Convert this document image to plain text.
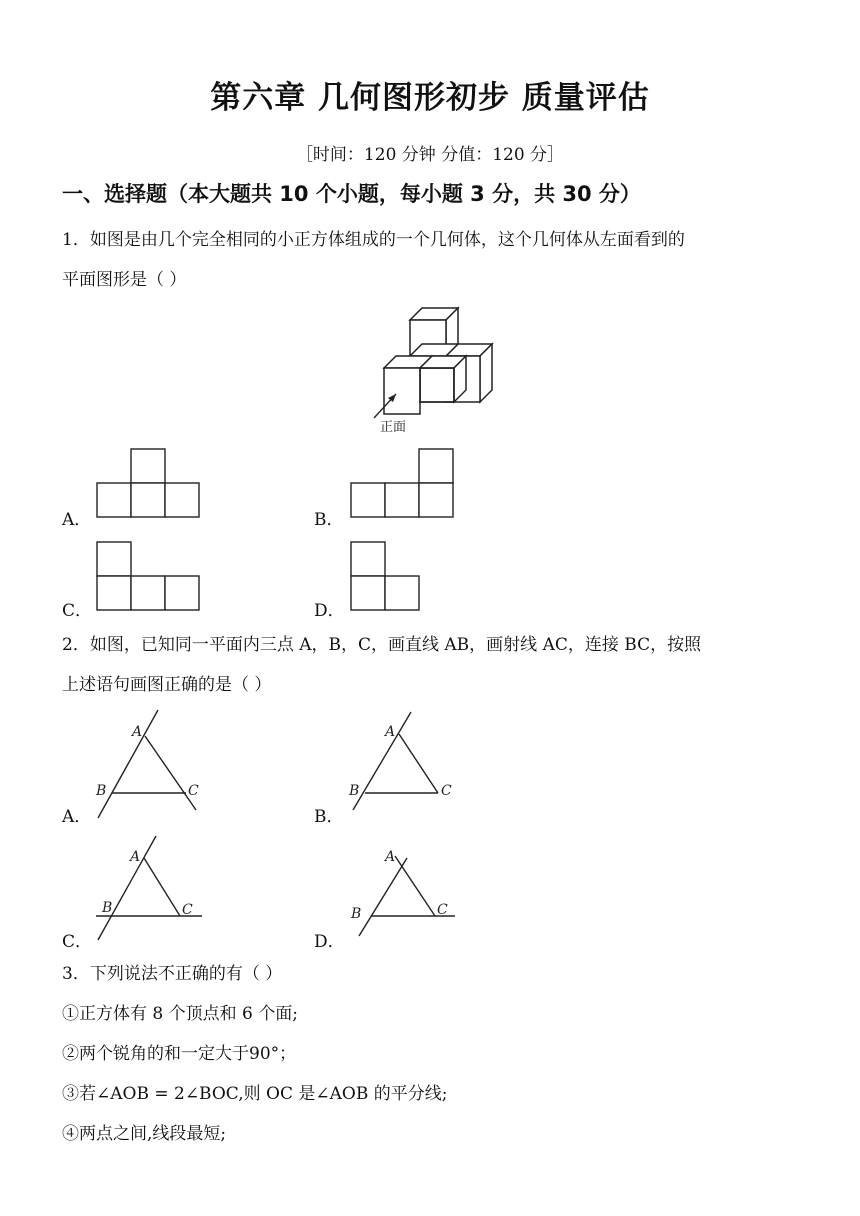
第六章 几何图形初步 质量评估
［时间：120 分钟 分值：120 分］
一、选择题（本大题共 10 个小题，每小题 3 分，共 30 分）
1．如图是由几个完全相同的小正方体组成的一个几何体，这个几何体从左面看到的
平面图形是（ ）
正面
A．	B．
C．	D．
2．如图，已知同一平面内三点 A，B，C，画直线 AB，画射线 AC，连接 BC，按照
上述语句画图正确的是（ ）
A．
A
B	C
B．
A
B	C
C．
A
B	C
D．
A
B	C
3．下列说法不正确的有（ ）
①正方体有 8 个顶点和 6 个面;
②两个锐角的和一定大于90°；
③若∠AOB = 2∠BOC,则 OC 是∠AOB 的平分线;
④两点之间,线段最短;
